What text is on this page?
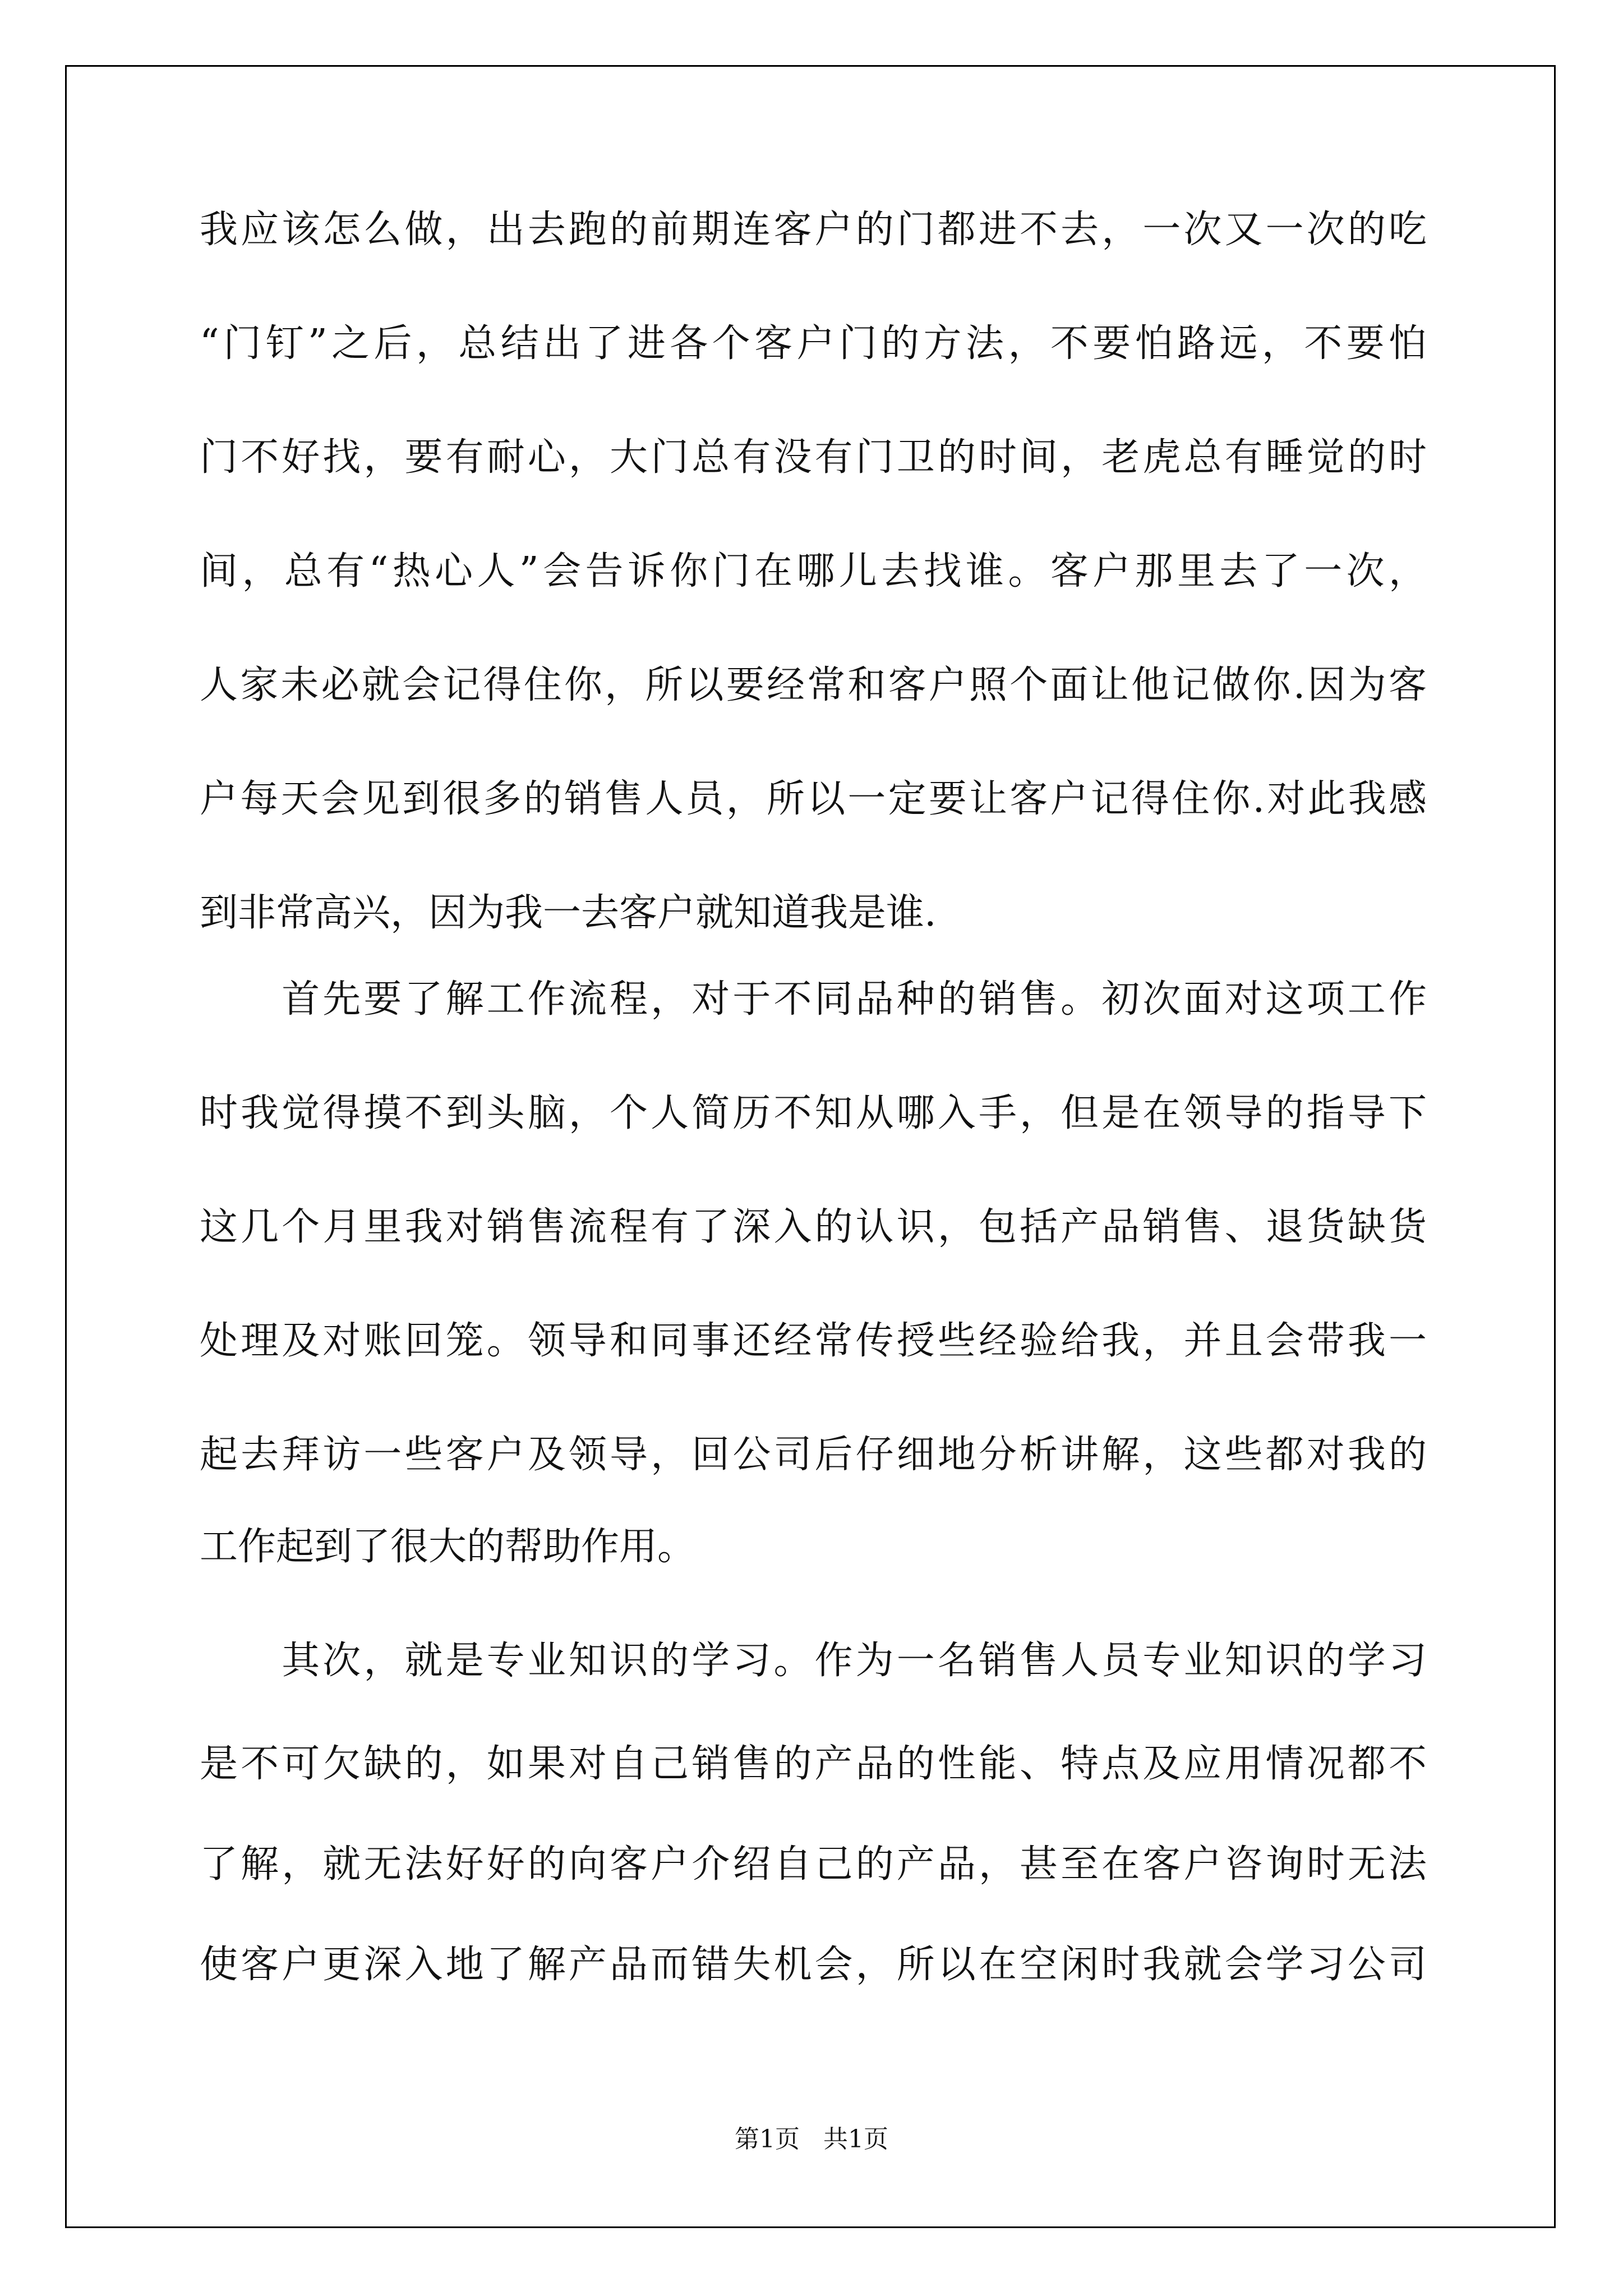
我应该怎么做，出去跑的前期连客户的门都进不去，一次又一次的吃
“门钉”之后，总结出了进各个客户门的方法，不要怕路远，不要怕
门不好找，要有耐心，大门总有没有门卫的时间，老虎总有睡觉的时
间，总有“热心人”会告诉你门在哪儿去找谁。客户那里去了一次，
人家未必就会记得住你，所以要经常和客户照个面让他记做你.因为客
户每天会见到很多的销售人员，所以一定要让客户记得住你.对此我感
到非常高兴，因为我一去客户就知道我是谁.
　　首先要了解工作流程，对于不同品种的销售。初次面对这项工作
时我觉得摸不到头脑，个人简历不知从哪入手，但是在领导的指导下
这几个月里我对销售流程有了深入的认识，包括产品销售、退货缺货
处理及对账回笼。领导和同事还经常传授些经验给我，并且会带我一
起去拜访一些客户及领导，回公司后仔细地分析讲解，这些都对我的
工作起到了很大的帮助作用。
　　其次，就是专业知识的学习。作为一名销售人员专业知识的学习
是不可欠缺的，如果对自己销售的产品的性能、特点及应用情况都不
了解，就无法好好的向客户介绍自己的产品，甚至在客户咨询时无法
使客户更深入地了解产品而错失机会，所以在空闲时我就会学习公司
第1页 共1页
